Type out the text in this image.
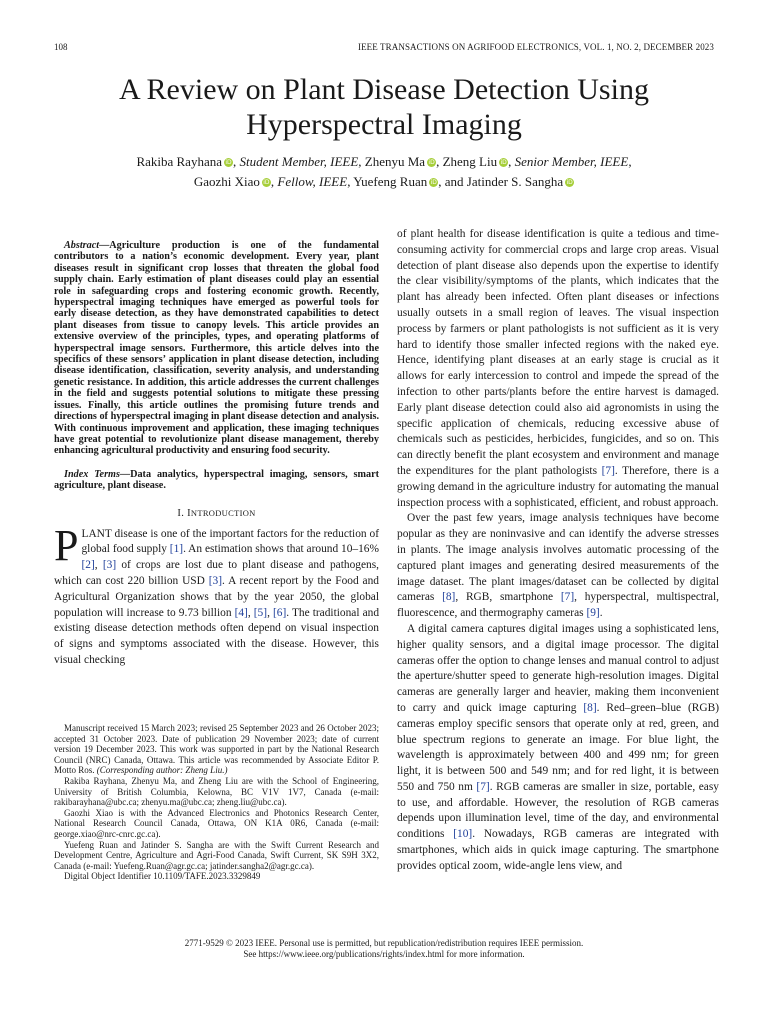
108	IEEE TRANSACTIONS ON AGRIFOOD ELECTRONICS, VOL. 1, NO. 2, DECEMBER 2023
A Review on Plant Disease Detection Using
Hyperspectral Imaging
Rakiba Rayhana iD, Student Member, IEEE, Zhenyu Ma iD, Zheng Liu iD, Senior Member, IEEE,
Gaozhi Xiao iD, Fellow, IEEE, Yuefeng Ruan iD, and Jatinder S. Sangha iD

Abstract—Agriculture production is one of the fundamental contributors to a nation’s economic development. Every year, plant diseases result in significant crop losses that threaten the global food supply chain. Early estimation of plant diseases could play an essential role in safeguarding crops and fostering economic growth. Recently, hyperspectral imaging techniques have emerged as powerful tools for early disease detection, as they have demonstrated capabilities to detect plant diseases from tissue to canopy levels. This article provides an extensive overview of the principles, types, and operating platforms of hyperspectral image sensors. Furthermore, this article delves into the specifics of these sensors’ application in plant disease detection, including disease identification, classification, severity analysis, and understanding genetic resistance. In addition, this article addresses the current challenges in the field and suggests potential solutions to mitigate these pressing issues. Finally, this article outlines the promising future trends and directions of hyperspectral imaging in plant disease detection and analysis. With continuous improvement and application, these imaging techniques have great potential to revolutionize plant disease management, thereby enhancing agricultural productivity and ensuring food security.

Index Terms—Data analytics, hyperspectral imaging, sensors, smart agriculture, plant disease.

I. INTRODUCTION

PLANT disease is one of the important factors for the reduction of global food supply [1]. An estimation shows that around 10–16% [2], [3] of crops are lost due to plant disease and pathogens, which can cost 220 billion USD [3]. A recent report by the Food and Agricultural Organization shows that by the year 2050, the global population will increase to 9.73 billion [4], [5], [6]. The traditional and existing disease detection methods often depend on visual inspection of signs and symptoms associated with the disease. However, this visual checking

Manuscript received 15 March 2023; revised 25 September 2023 and 26 October 2023; accepted 31 October 2023. Date of publication 29 November 2023; date of current version 19 December 2023. This work was supported in part by the National Research Council (NRC) Canada, Ottawa. This article was recommended by Associate Editor P. Motto Ros. (Corresponding author: Zheng Liu.)

Rakiba Rayhana, Zhenyu Ma, and Zheng Liu are with the School of Engineering, University of British Columbia, Kelowna, BC V1V 1V7, Canada (e-mail: rakibarayhana@ubc.ca; zhenyu.ma@ubc.ca; zheng.liu@ubc.ca).

Gaozhi Xiao is with the Advanced Electronics and Photonics Research Center, National Research Council Canada, Ottawa, ON K1A 0R6, Canada (e-mail: george.xiao@nrc-cnrc.gc.ca).

Yuefeng Ruan and Jatinder S. Sangha are with the Swift Current Research and Development Centre, Agriculture and Agri-Food Canada, Swift Current, SK S9H 3X2, Canada (e-mail: Yuefeng.Ruan@agr.gc.ca; jatinder.sangha2@agr.gc.ca).

Digital Object Identifier 10.1109/TAFE.2023.3329849

of plant health for disease identification is quite a tedious and time-consuming activity for commercial crops and large crop areas. Visual detection of plant disease also depends upon the expertise to identify the clear visibility/symptoms of the plants, which indicates that the plant has already been infected. Often plant diseases or infections usually outsets in a small region of leaves. The visual inspection process by farmers or plant pathologists is not sufficient as it is very hard to identify those smaller infected regions with the naked eye. Hence, identifying plant diseases at an early stage is crucial as it allows for early intercession to control and impede the spread of the infection to other parts/plants before the entire harvest is damaged. Early plant disease detection could also aid agronomists in using the specific application of chemicals, reducing excessive abuse of chemicals such as pesticides, herbicides, fungicides, and so on. This can directly benefit the plant ecosystem and environment and manage the expenditures for the plant pathologists [7]. Therefore, there is a growing demand in the agriculture industry for automating the manual inspection process with a sophisticated, efficient, and robust approach.

Over the past few years, image analysis techniques have become popular as they are noninvasive and can identify the adverse stresses in plants. The image analysis involves automatic processing of the captured plant images and generating desired measurements of the image dataset. The plant images/dataset can be collected by digital cameras [8], RGB, smartphone [7], hyperspectral, multispectral, fluorescence, and thermography cameras [9].

A digital camera captures digital images using a sophisticated lens, higher quality sensors, and a digital image processor. The digital cameras offer the option to change lenses and manual control to adjust the aperture/shutter speed to generate high-resolution images. Digital cameras are generally larger and heavier, making them inconvenient to carry and quick image capturing [8]. Red–green–blue (RGB) cameras employ specific sensors that operate only at red, green, and blue spectrum regions to generate an image. For blue light, the wavelength is approximately between 400 and 499 nm; for green light, it is between 500 and 549 nm; and for red light, it is between 550 and 750 nm [7]. RGB cameras are smaller in size, portable, easy to use, and affordable. However, the resolution of RGB cameras depends upon illumination level, time of the day, and environmental conditions [10]. Nowadays, RGB cameras are integrated with smartphones, which aids in quick image capturing. The smartphone provides optical zoom, wide-angle lens view, and

2771-9529 © 2023 IEEE. Personal use is permitted, but republication/redistribution requires IEEE permission.
See https://www.ieee.org/publications/rights/index.html for more information.
